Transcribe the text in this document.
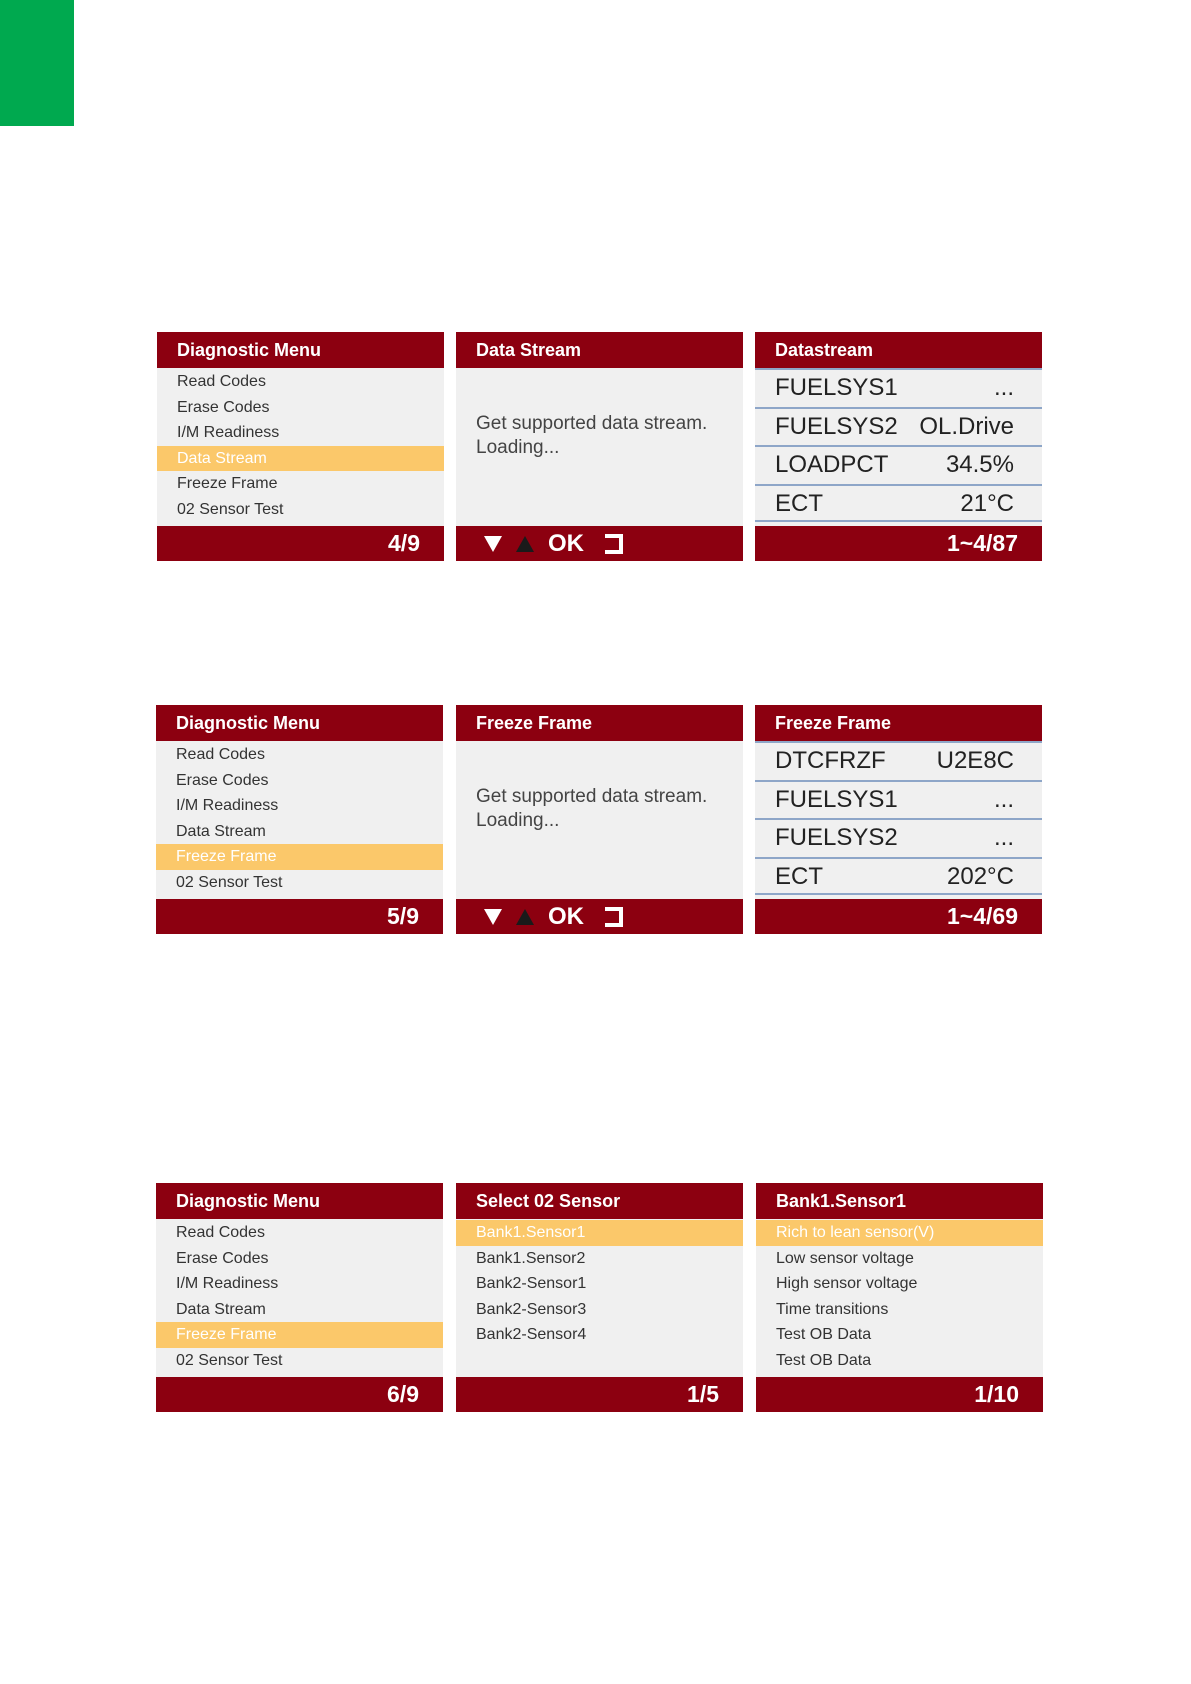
Diagnostic Menu
Read Codes
Erase Codes
I/M Readiness
Data Stream
Freeze Frame
02 Sensor Test
4/9
Data Stream
Get supported data stream. Loading...
OK
Datastream
FUELSYS1	...
FUELSYS2 OL.Drive
LOADPCT 34.5%
ECT	21°C
1~4/87
Diagnostic Menu
Read Codes
Erase Codes
I/M Readiness
Data Stream
Freeze Frame
02 Sensor Test
5/9
Freeze Frame
Get supported data stream. Loading...
OK
Freeze Frame
DTCFRZF U2E8C
FUELSYS1	...
FUELSYS2	...
ECT	202°C
1~4/69
Diagnostic Menu
Read Codes
Erase Codes
I/M Readiness
Data Stream
Freeze Frame
02 Sensor Test
6/9
Select 02 Sensor
Bank1.Sensor1
Bank1.Sensor2
Bank2-Sensor1
Bank2-Sensor3
Bank2-Sensor4
1/5
Bank1.Sensor1
Rich to lean sensor(V)
Low sensor voltage
High sensor voltage
Time transitions
Test OB Data
Test OB Data
1/10
